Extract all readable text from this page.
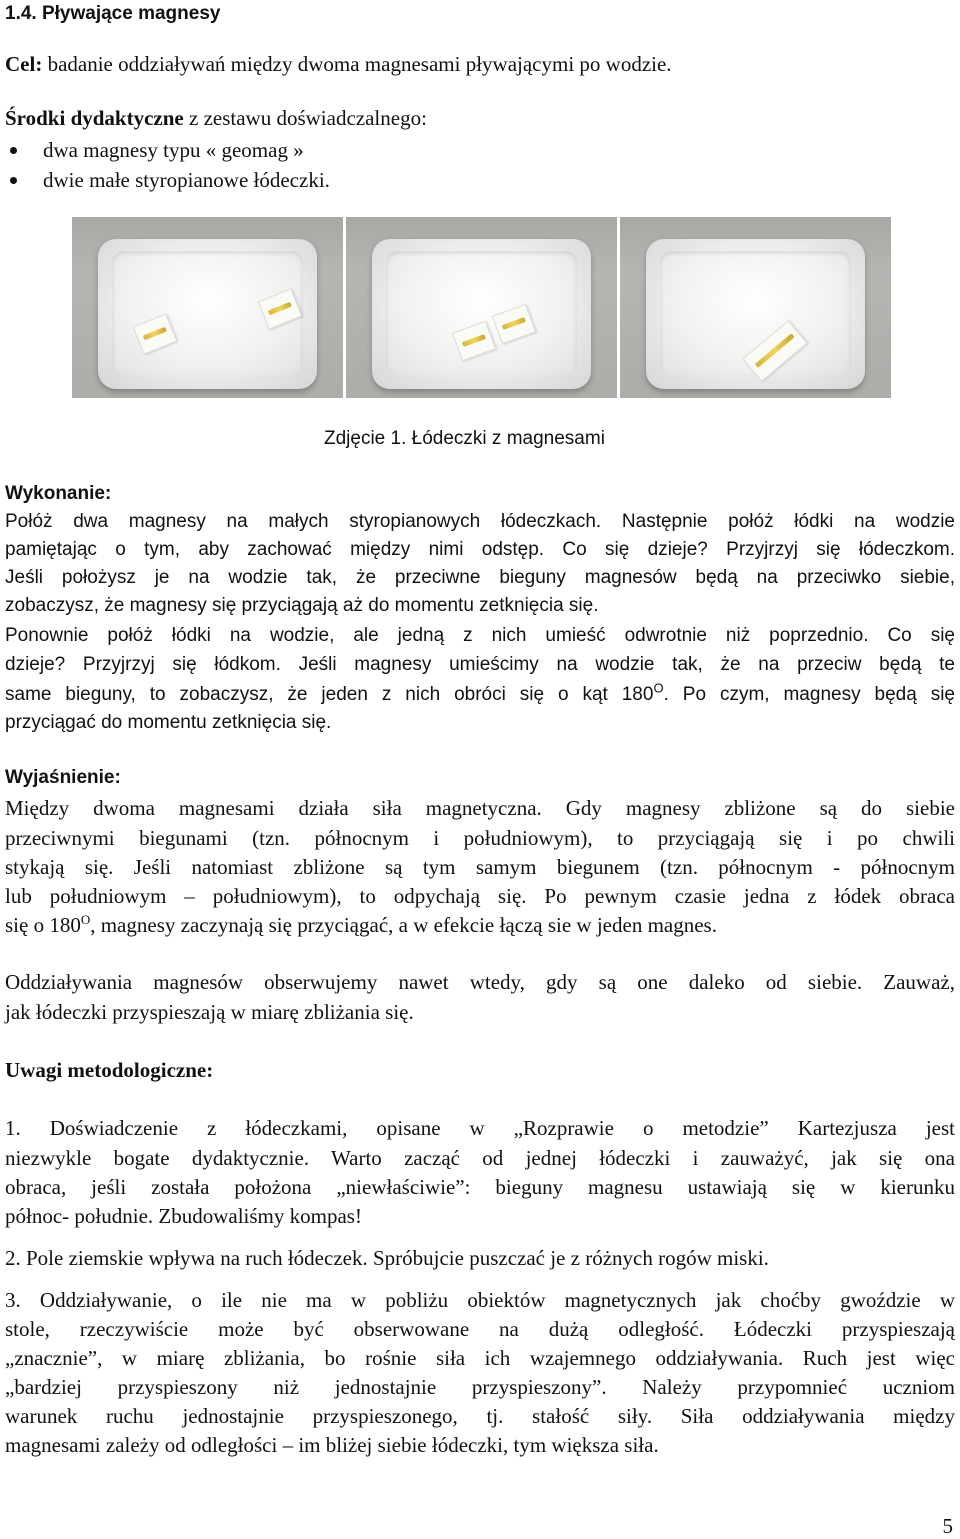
1.4. Pływające magnesy
Cel: badanie oddziaływań między dwoma magnesami pływającymi po wodzie.
Środki dydaktyczne z zestawu doświadczalnego:
dwa magnesy typu « geomag »
dwie małe styropianowe łódeczki.
Zdjęcie 1. Łódeczki z magnesami
Wykonanie:
Połóż dwa magnesy na małych styropianowych łódeczkach. Następnie połóż łódki na wodzie
pamiętając o tym, aby zachować między nimi odstęp. Co się dzieje? Przyjrzyj się łódeczkom.
Jeśli położysz je na wodzie tak, że przeciwne bieguny magnesów będą na przeciwko siebie,
zobaczysz, że magnesy się przyciągają aż do momentu zetknięcia się.
Ponownie połóż łódki na wodzie, ale jedną z nich umieść odwrotnie niż poprzednio. Co się
dzieje? Przyjrzyj się łódkom. Jeśli magnesy umieścimy na wodzie tak, że na przeciw będą te
same bieguny, to zobaczysz, że jeden z nich obróci się o kąt $180^O$. Po czym, magnesy będą się
przyciągać do momentu zetknięcia się.
Wyjaśnienie:
Między dwoma magnesami działa siła magnetyczna. Gdy magnesy zbliżone są do siebie
przeciwnymi biegunami (tzn. północnym i południowym), to przyciągają się i po chwili
stykają się. Jeśli natomiast zbliżone są tym samym biegunem (tzn. północnym - północnym
lub południowym – południowym), to odpychają się. Po pewnym czasie jedna z łódek obraca
się o $180^O$, magnesy zaczynają się przyciągać, a w efekcie łączą sie w jeden magnes.
Oddziaływania magnesów obserwujemy nawet wtedy, gdy są one daleko od siebie. Zauważ,
jak łódeczki przyspieszają w miarę zbliżania się.
Uwagi metodologiczne:
1. Doświadczenie z łódeczkami, opisane w „Rozprawie o metodzie” Kartezjusza jest
niezwykle bogate dydaktycznie. Warto zacząć od jednej łódeczki i zauważyć, jak się ona
obraca, jeśli została położona „niewłaściwie”: bieguny magnesu ustawiają się w kierunku
północ- południe. Zbudowaliśmy kompas!
2. Pole ziemskie wpływa na ruch łódeczek. Spróbujcie puszczać je z różnych rogów miski.
3. Oddziaływanie, o ile nie ma w pobliżu obiektów magnetycznych jak choćby gwoździe w
stole, rzeczywiście może być obserwowane na dużą odległość. Łódeczki przyspieszają
„znacznie”, w miarę zbliżania, bo rośnie siła ich wzajemnego oddziaływania. Ruch jest więc
„bardziej przyspieszony niż jednostajnie przyspieszony”. Należy przypomnieć uczniom
warunek ruchu jednostajnie przyspieszonego, tj. stałość siły. Siła oddziaływania między
magnesami zależy od odległości – im bliżej siebie łódeczki, tym większa siła.
5
